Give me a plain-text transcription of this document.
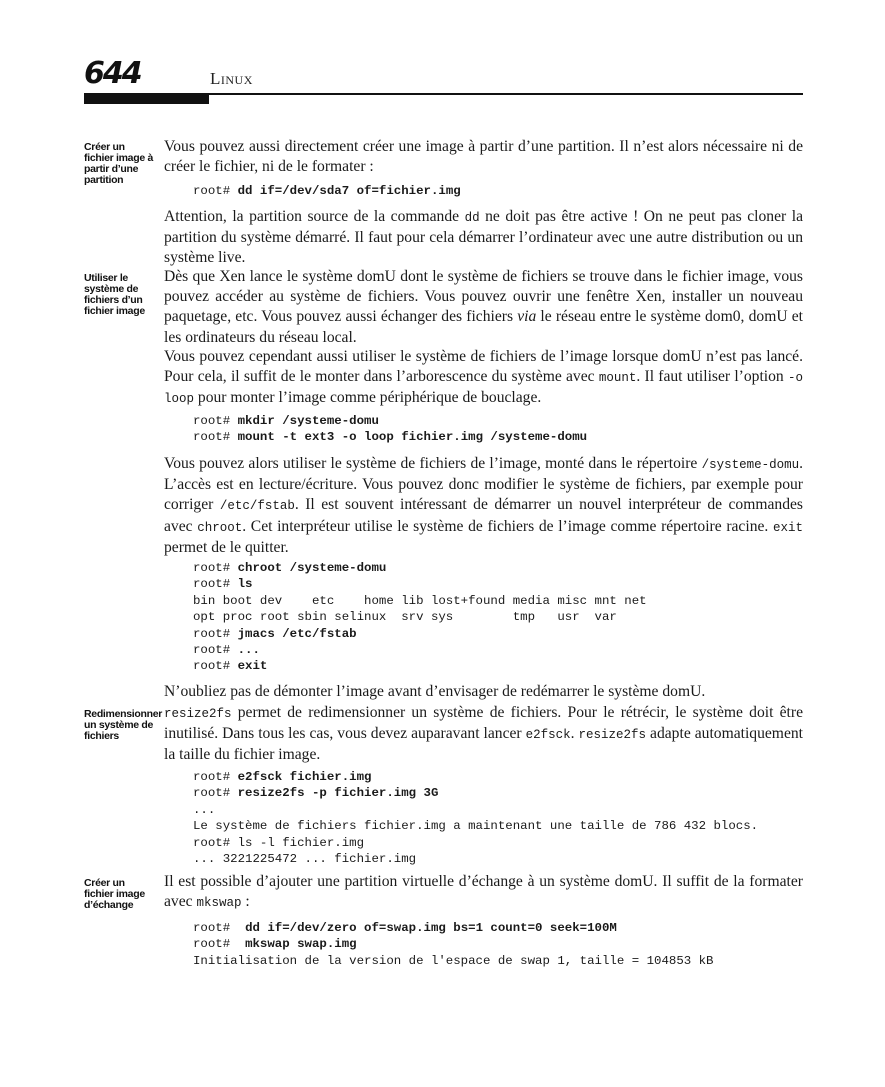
644	Linux
Créer un fichier image à partir d’une partition
Utiliser le système de fichiers d’un fichier image
Redimensionner un système de fichiers
Créer un fichier image d’échange

Vous pouvez aussi directement créer une image à partir d’une partition. Il n’est alors nécessaire ni de créer le fichier, ni de le formater :

root# dd if=/dev/sda7 of=fichier.img

Attention, la partition source de la commande dd ne doit pas être active ! On ne peut pas cloner la partition du système démarré. Il faut pour cela démarrer l’ordinateur avec une autre distribution ou un système live.

Dès que Xen lance le système domU dont le système de fichiers se trouve dans le fichier image, vous pouvez accéder au système de fichiers. Vous pouvez ouvrir une fenêtre Xen, installer un nouveau paquetage, etc. Vous pouvez aussi échanger des fichiers via le réseau entre le système dom0, domU et les ordinateurs du réseau local.

Vous pouvez cependant aussi utiliser le système de fichiers de l’image lorsque domU n’est pas lancé. Pour cela, il suffit de le monter dans l’arborescence du système avec mount. Il faut utiliser l’option -o loop pour monter l’image comme périphérique de bouclage.

root# mkdir /systeme-domu
root# mount -t ext3 -o loop fichier.img /systeme-domu

Vous pouvez alors utiliser le système de fichiers de l’image, monté dans le répertoire /systeme-domu. L’accès est en lecture/écriture. Vous pouvez donc modifier le système de fichiers, par exemple pour corriger /etc/fstab. Il est souvent intéressant de démarrer un nouvel interpréteur de commandes avec chroot. Cet interpréteur utilise le système de fichiers de l’image comme répertoire racine. exit permet de le quitter.

root# chroot /systeme-domu
root# ls
bin boot dev    etc    home lib lost+found media misc mnt net
opt proc root sbin selinux  srv sys        tmp   usr  var
root# jmacs /etc/fstab
root# ...
root# exit

N’oubliez pas de démonter l’image avant d’envisager de redémarrer le système domU.

resize2fs permet de redimensionner un système de fichiers. Pour le rétrécir, le système doit être inutilisé. Dans tous les cas, vous devez auparavant lancer e2fsck. resize2fs adapte automatiquement la taille du fichier image.

root# e2fsck fichier.img
root# resize2fs -p fichier.img 3G
...
Le système de fichiers fichier.img a maintenant une taille de 786 432 blocs.
root# ls -l fichier.img
... 3221225472 ... fichier.img

Il est possible d’ajouter une partition virtuelle d’échange à un système domU. Il suffit de la formater avec mkswap :

root#  dd if=/dev/zero of=swap.img bs=1 count=0 seek=100M
root#  mkswap swap.img
Initialisation de la version de l'espace de swap 1, taille = 104853 kB
